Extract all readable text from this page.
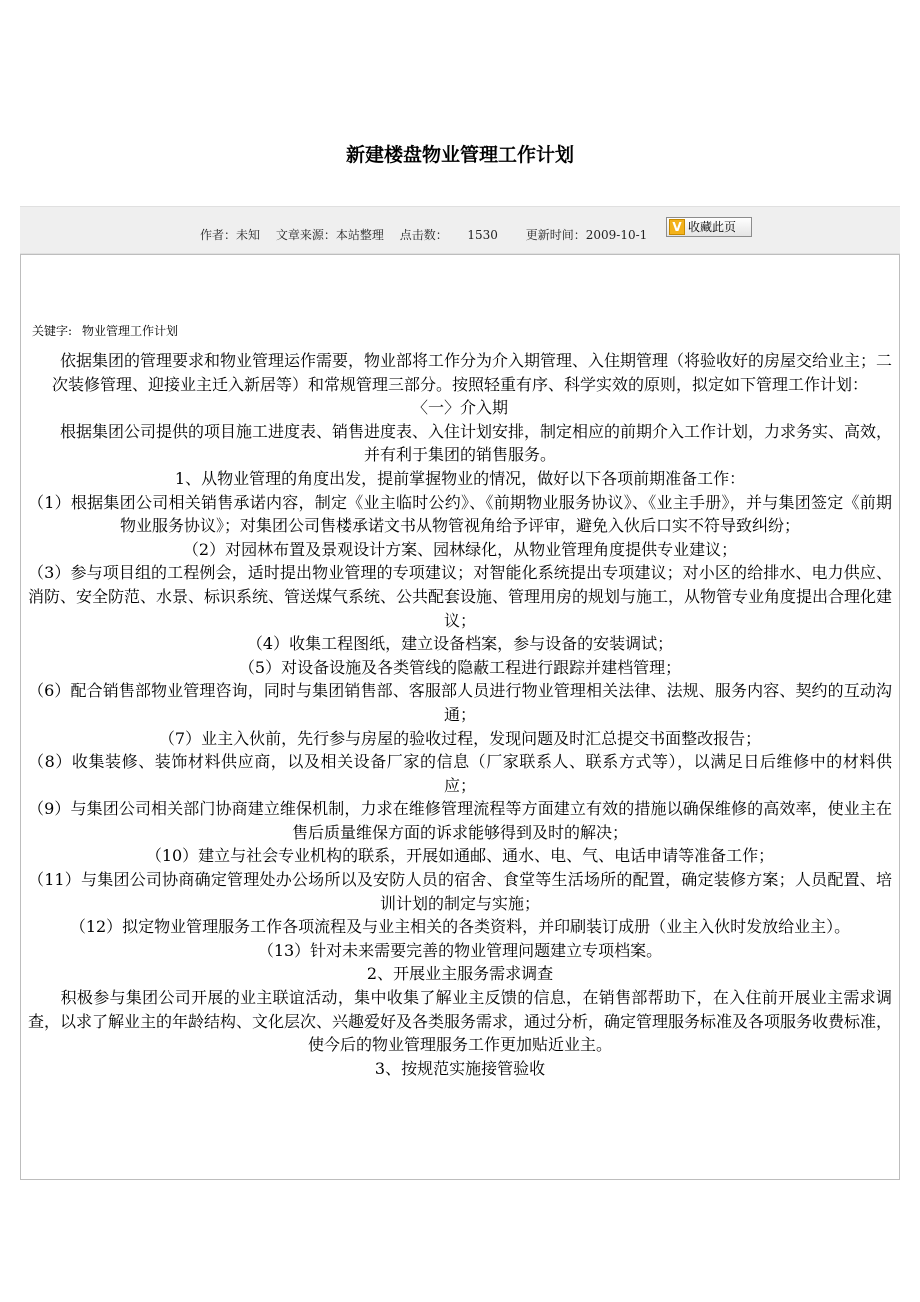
新建楼盘物业管理工作计划
作者：未知 文章来源：本站整理 点击数： 1530 更新时间：2009-10-1
V 收藏此页
关键字: 物业管理工作计划

　　依据集团的管理要求和物业管理运作需要，物业部将工作分为介入期管理、入住期管理（将验收好的房屋交给业主；二次装修管理、迎接业主迁入新居等）和常规管理三部分。按照轻重有序、科学实效的原则，拟定如下管理工作计划：

〈一〉介入期

　　根据集团公司提供的项目施工进度表、销售进度表、入住计划安排，制定相应的前期介入工作计划，力求务实、高效，并有利于集团的销售服务。

1、从物业管理的角度出发，提前掌握物业的情况，做好以下各项前期准备工作：

（1）根据集团公司相关销售承诺内容，制定《业主临时公约》、《前期物业服务协议》、《业主手册》，并与集团签定《前期物业服务协议》；对集团公司售楼承诺文书从物管视角给予评审，避免入伙后口实不符导致纠纷；

（2）对园林布置及景观设计方案、园林绿化，从物业管理角度提供专业建议；

（3）参与项目组的工程例会，适时提出物业管理的专项建议；对智能化系统提出专项建议；对小区的给排水、电力供应、消防、安全防范、水景、标识系统、管送煤气系统、公共配套设施、管理用房的规划与施工，从物管专业角度提出合理化建议；

（4）收集工程图纸，建立设备档案，参与设备的安装调试；

（5）对设备设施及各类管线的隐蔽工程进行跟踪并建档管理；

（6）配合销售部物业管理咨询，同时与集团销售部、客服部人员进行物业管理相关法律、法规、服务内容、契约的互动沟通；

（7）业主入伙前，先行参与房屋的验收过程，发现问题及时汇总提交书面整改报告；

（8）收集装修、装饰材料供应商，以及相关设备厂家的信息（厂家联系人、联系方式等），以满足日后维修中的材料供应；

（9）与集团公司相关部门协商建立维保机制，力求在维修管理流程等方面建立有效的措施以确保维修的高效率，使业主在售后质量维保方面的诉求能够得到及时的解决；

（10）建立与社会专业机构的联系，开展如通邮、通水、电、气、电话申请等准备工作；

（11）与集团公司协商确定管理处办公场所以及安防人员的宿舍、食堂等生活场所的配置，确定装修方案；人员配置、培训计划的制定与实施；

（12）拟定物业管理服务工作各项流程及与业主相关的各类资料，并印刷装订成册（业主入伙时发放给业主）。

（13）针对未来需要完善的物业管理问题建立专项档案。

2、开展业主服务需求调查

　　积极参与集团公司开展的业主联谊活动，集中收集了解业主反馈的信息，在销售部帮助下，在入住前开展业主需求调查，以求了解业主的年龄结构、文化层次、兴趣爱好及各类服务需求，通过分析，确定管理服务标准及各项服务收费标准，使今后的物业管理服务工作更加贴近业主。

3、按规范实施接管验收
